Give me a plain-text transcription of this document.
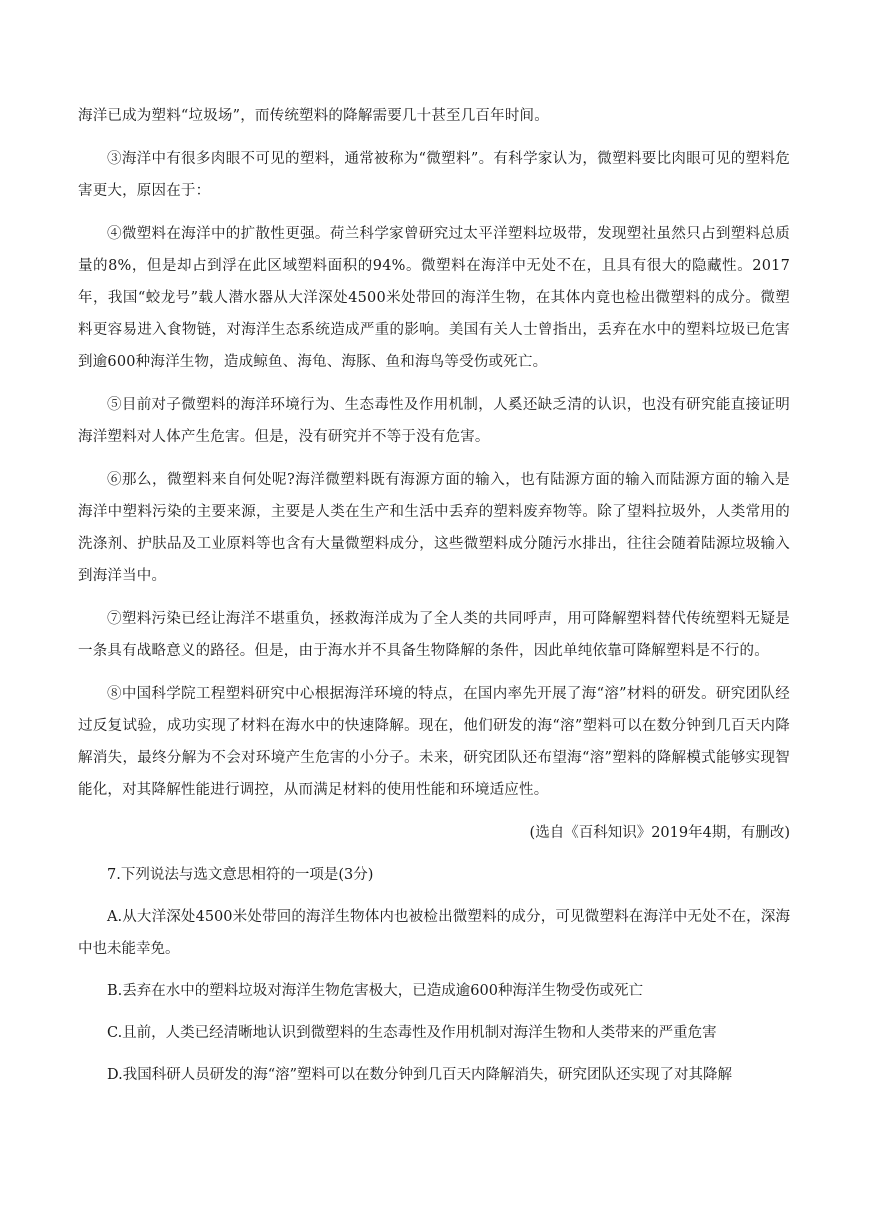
海洋已成为塑料“垃圾场”，而传统塑料的降解需要几十甚至几百年时间。

③海洋中有很多肉眼不可见的塑料，通常被称为“微塑料”。有科学家认为，微塑料要比肉眼可见的塑料危害更大，原因在于：

④微塑料在海洋中的扩散性更强。荷兰科学家曾研究过太平洋塑料垃圾带，发现塑社虽然只占到塑料总质量的8%，但是却占到浮在此区域塑料面积的94%。微塑料在海洋中无处不在，且具有很大的隐藏性。2017年，我国“蛟龙号”载人潜水器从大洋深处4500米处带回的海洋生物，在其体内竟也检出微塑料的成分。微塑料更容易进入食物链，对海洋生态系统造成严重的影响。美国有关人士曾指出，丢弃在水中的塑料垃圾已危害到逾600种海洋生物，造成鲸鱼、海龟、海豚、鱼和海鸟等受伤或死亡。

⑤目前对子微塑料的海洋环境行为、生态毒性及作用机制，人奚还缺乏清的认识，也没有研究能直接证明海洋塑料对人体产生危害。但是，没有研究并不等于没有危害。

⑥那么，微塑料来自何处呢?海洋微塑料既有海源方面的输入，也有陆源方面的输入而陆源方面的输入是海洋中塑料污染的主要来源，主要是人类在生产和生活中丢弃的塑料废弃物等。除了望料拉圾外，人类常用的洗涤剂、护肤品及工业原料等也含有大量微塑料成分，这些微塑料成分随污水排出，往往会随着陆源垃圾输入到海洋当中。

⑦塑料污染已经让海洋不堪重负，拯救海洋成为了全人类的共同呼声，用可降解塑料替代传统塑料无疑是一条具有战略意义的路径。但是，由于海水并不具备生物降解的条件，因此单纯依靠可降解塑料是不行的。

⑧中国科学院工程塑料研究中心根据海洋环境的特点，在国内率先开展了海“溶”材料的研发。研究团队经过反复试验，成功实现了材料在海水中的快速降解。现在，他们研发的海“溶”塑料可以在数分钟到几百天内降解消失，最终分解为不会对环境产生危害的小分子。未来，研究团队还布望海“溶”塑料的降解模式能够实现智能化，对其降解性能进行调控，从而满足材料的使用性能和环境适应性。

(选自《百科知识》2019年4期，有删改)

7.下列说法与选文意思相符的一项是(3分)

A.从大洋深处4500米处带回的海洋生物体内也被检出微塑料的成分，可见微塑料在海洋中无处不在，深海中也未能幸免。

B.丢弃在水中的塑料垃圾对海洋生物危害极大，已造成逾600种海洋生物受伤或死亡

C.且前，人类已经清晰地认识到微塑料的生态毒性及作用机制对海洋生物和人类带来的严重危害

D.我国科研人员研发的海“溶”塑料可以在数分钟到几百天内降解消失，研究团队还实现了对其降解
